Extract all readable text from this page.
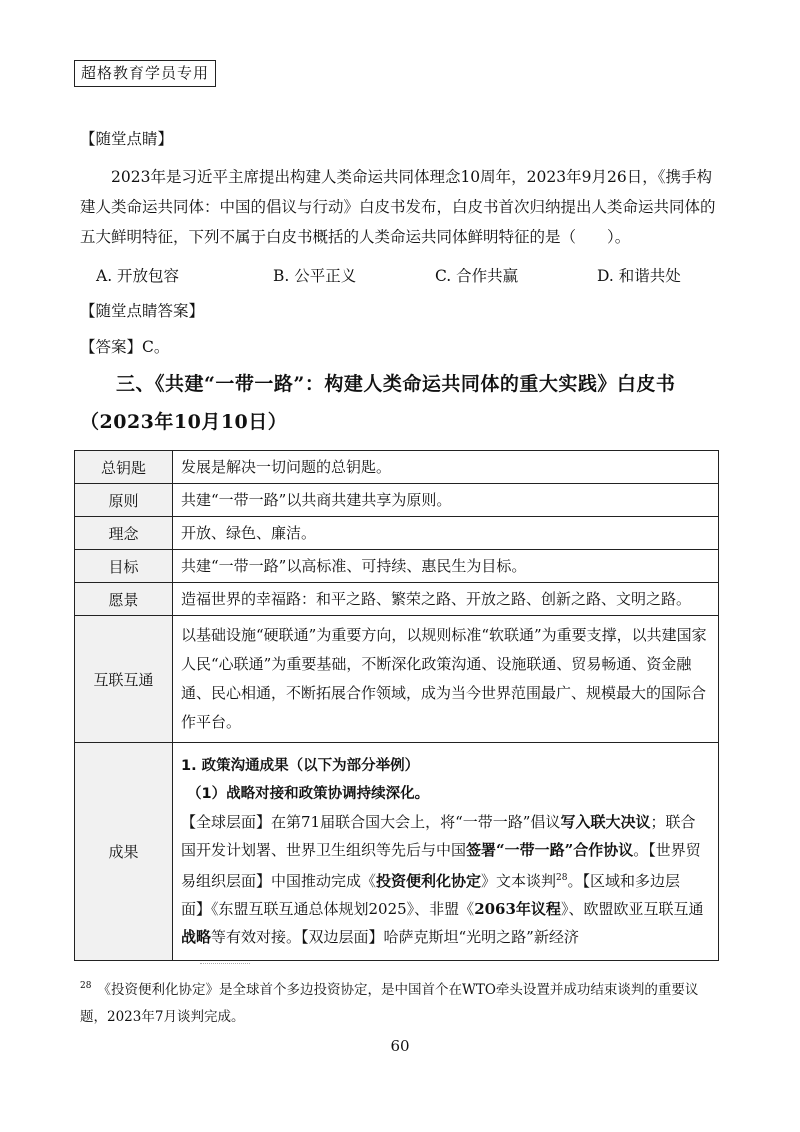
超格教育学员专用
【随堂点睛】
2023年是习近平主席提出构建人类命运共同体理念10周年，2023年9月26日，《携手构建人类命运共同体：中国的倡议与行动》白皮书发布，白皮书首次归纳提出人类命运共同体的五大鲜明特征，下列不属于白皮书概括的人类命运共同体鲜明特征的是（　　）。
A. 开放包容	B. 公平正义	C. 合作共赢	D. 和谐共处
【随堂点睛答案】
【答案】C。
三、《共建“一带一路”：构建人类命运共同体的重大实践》白皮书（2023年10月10日）
总钥匙	发展是解决一切问题的总钥匙。
原则	共建“一带一路”以共商共建共享为原则。
理念	开放、绿色、廉洁。
目标	共建“一带一路”以高标准、可持续、惠民生为目标。
愿景	造福世界的幸福路：和平之路、繁荣之路、开放之路、创新之路、文明之路。
互联互通	以基础设施“硬联通”为重要方向，以规则标准“软联通”为重要支撑，以共建国家人民“心联通”为重要基础，不断深化政策沟通、设施联通、贸易畅通、资金融通、民心相通，不断拓展合作领域，成为当今世界范围最广、规模最大的国际合作平台。
成果	1. 政策沟通成果（以下为部分举例）
（1）战略对接和政策协调持续深化。
【全球层面】在第71届联合国大会上，将“一带一路”倡议写入联大决议；联合国开发计划署、世界卫生组织等先后与中国签署“一带一路”合作协议。【世界贸易组织层面】中国推动完成《投资便利化协定》文本谈判$^{28}$。【区域和多边层面】《东盟互联互通总体规划2025》、非盟《2063年议程》、欧盟欧亚互联互通战略等有效对接。【双边层面】哈萨克斯坦“光明之路”新经济
$^{28}$ 《投资便利化协定》是全球首个多边投资协定，是中国首个在WTO牵头设置并成功结束谈判的重要议题，2023年7月谈判完成。
60
